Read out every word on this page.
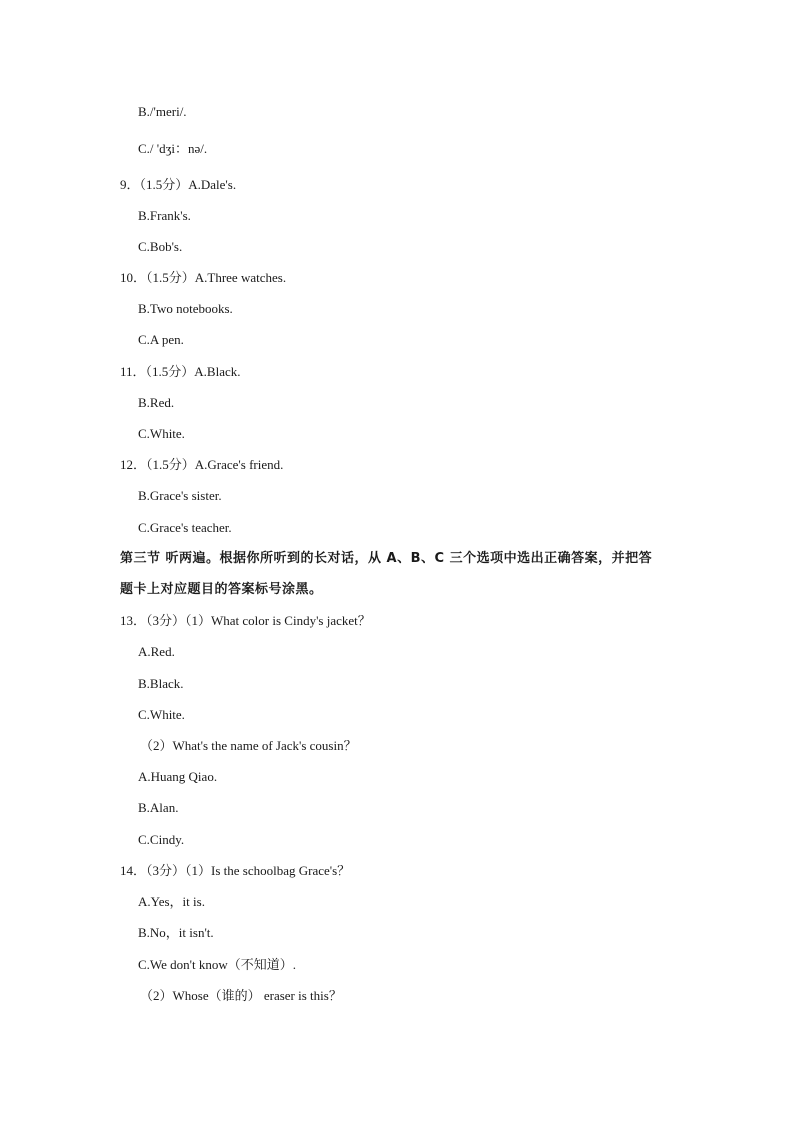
B./'meri/.
C./ 'dʒi：nə/.
9．（1.5分）A.Dale's.
B.Frank's.
C.Bob's.
10．（1.5分）A.Three watches.
B.Two notebooks.
C.A pen.
11．（1.5分）A.Black.
B.Red.
C.White.
12．（1.5分）A.Grace's friend.
B.Grace's sister.
C.Grace's teacher.
第三节 听两遍。根据你所听到的长对话，从 A、B、C 三个选项中选出正确答案，并把答
题卡上对应题目的答案标号涂黑。
13．（3分）（1）What color is Cindy's jacket？
A.Red.
B.Black.
C.White.
（2）What's the name of Jack's cousin？
A.Huang Qiao.
B.Alan.
C.Cindy.
14．（3分）（1）Is the schoolbag Grace's？
A.Yes，it is.
B.No，it isn't.
C.We don't know（不知道）.
（2）Whose（谁的） eraser is this？
